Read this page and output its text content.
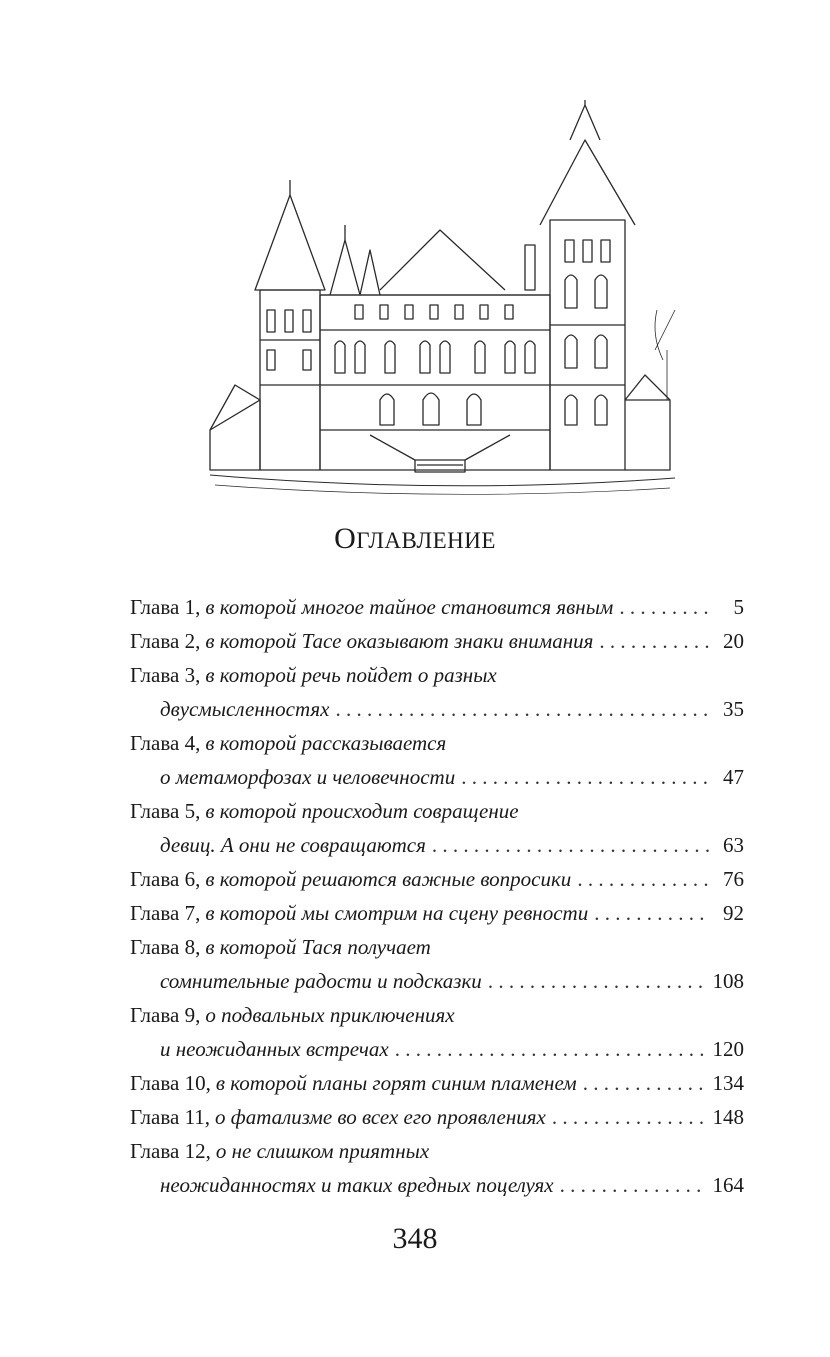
ОГЛАВЛЕНИЕ
Глава 1, в которой многое тайное становится явным . . .	5
Глава 2, в которой Тасе оказывают знаки внимания . . .	20
Глава 3, в которой речь пойдет о разных
двусмысленностях . . .	35
Глава 4, в которой рассказывается
о метаморфозах и человечности . . .	47
Глава 5, в которой происходит совращение
девиц. А они не совращаются . . .	63
Глава 6, в которой решаются важные вопросики . . .	76
Глава 7, в которой мы смотрим на сцену ревности . . .	92
Глава 8, в которой Тася получает
сомнительные радости и подсказки . . .	108
Глава 9, о подвальных приключениях
и неожиданных встречах . . .	120
Глава 10, в которой планы горят синим пламенем . . .	134
Глава 11, о фатализме во всех его проявлениях . . .	148
Глава 12, о не слишком приятных
неожиданностях и таких вредных поцелуях . . .	164
348
